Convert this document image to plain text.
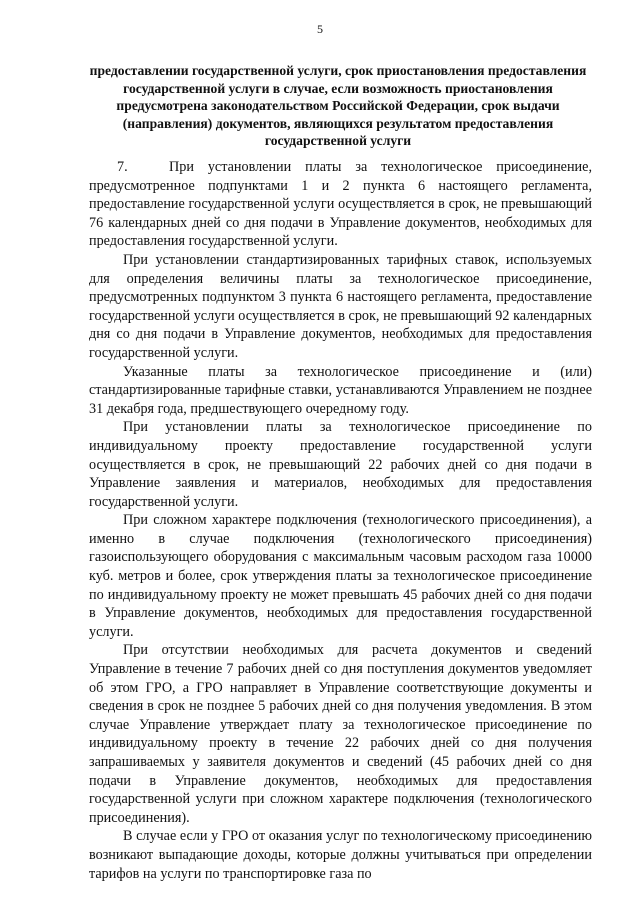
5
предоставлении государственной услуги, срок приостановления предоставления государственной услуги в случае, если возможность приостановления предусмотрена законодательством Российской Федерации, срок выдачи (направления) документов, являющихся результатом предоставления государственной услуги

7.	При установлении платы за технологическое присоединение, предусмотренное подпунктами 1 и 2 пункта 6 настоящего регламента, предоставление государственной услуги осуществляется в срок, не превышающий 76 календарных дней со дня подачи в Управление документов, необходимых для предоставления государственной услуги.

При установлении стандартизированных тарифных ставок, используемых для определения величины платы за технологическое присоединение, предусмотренных подпунктом 3 пункта 6 настоящего регламента, предоставление государственной услуги осуществляется в срок, не превышающий 92 календарных дня со дня подачи в Управление документов, необходимых для предоставления государственной услуги.

Указанные платы за технологическое присоединение и (или) стандартизированные тарифные ставки, устанавливаются Управлением не позднее 31 декабря года, предшествующего очередному году.

При установлении платы за технологическое присоединение по индивидуальному проекту предоставление государственной услуги осуществляется в срок, не превышающий 22 рабочих дней со дня подачи в Управление заявления и материалов, необходимых для предоставления государственной услуги.

При сложном характере подключения (технологического присоединения), а именно в случае подключения (технологического присоединения) газоиспользующего оборудования с максимальным часовым расходом газа 10000 куб. метров и более, срок утверждения платы за технологическое присоединение по индивидуальному проекту не может превышать 45 рабочих дней со дня подачи в Управление документов, необходимых для предоставления государственной услуги.

При отсутствии необходимых для расчета документов и сведений Управление в течение 7 рабочих дней со дня поступления документов уведомляет об этом ГРО, а ГРО направляет в Управление соответствующие документы и сведения в срок не позднее 5 рабочих дней со дня получения уведомления. В этом случае Управление утверждает плату за технологическое присоединение по индивидуальному проекту в течение 22 рабочих дней со дня получения запрашиваемых у заявителя документов и сведений (45 рабочих дней со дня подачи в Управление документов, необходимых для предоставления государственной услуги при сложном характере подключения (технологического присоединения).

В случае если у ГРО от оказания услуг по технологическому присоединению возникают выпадающие доходы, которые должны учитываться при определении тарифов на услуги по транспортировке газа по
